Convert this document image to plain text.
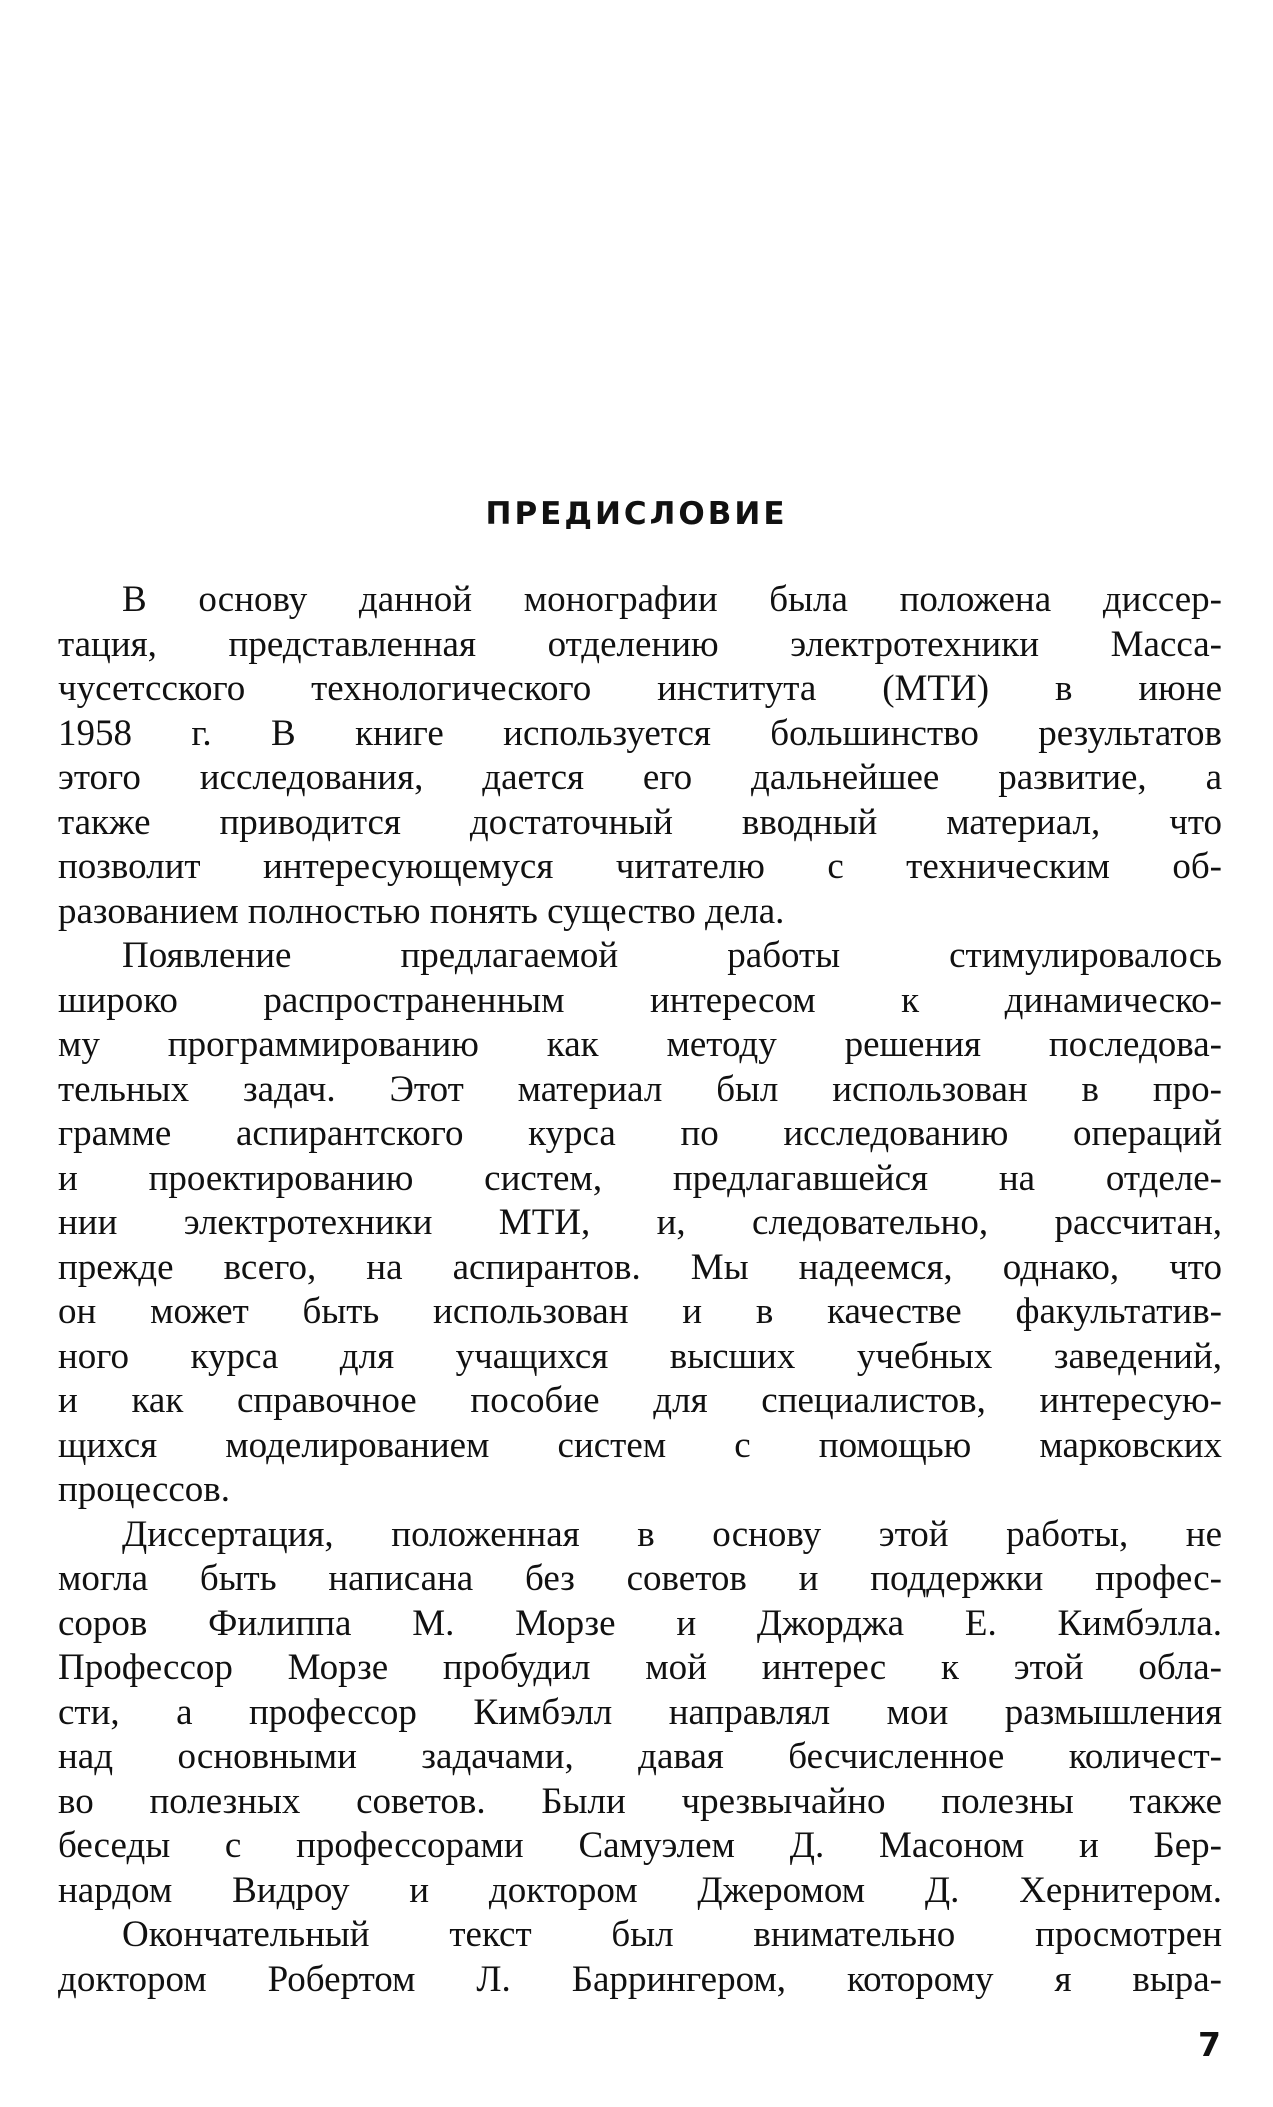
ПРЕДИСЛОВИЕ
В основу данной монографии была положена диссер-
тация, представленная отделению электротехники Масса-
чусетсского технологического института (МТИ) в июне
1958 г. В книге используется большинство результатов
этого исследования, дается его дальнейшее развитие, а
также приводится достаточный вводный материал, что
позволит интересующемуся читателю с техническим об-
разованием полностью понять существо дела.
Появление предлагаемой работы стимулировалось
широко распространенным интересом к динамическо-
му программированию как методу решения последова-
тельных задач. Этот материал был использован в про-
грамме аспирантского курса по исследованию операций
и проектированию систем, предлагавшейся на отделе-
нии электротехники МТИ, и, следовательно, рассчитан,
прежде всего, на аспирантов. Мы надеемся, однако, что
он может быть использован и в качестве факультатив-
ного курса для учащихся высших учебных заведений,
и как справочное пособие для специалистов, интересую-
щихся моделированием систем с помощью марковских
процессов.
Диссертация, положенная в основу этой работы, не
могла быть написана без советов и поддержки профес-
соров Филиппа М. Морзе и Джорджа Е. Кимбэлла.
Профессор Морзе пробудил мой интерес к этой обла-
сти, а профессор Кимбэлл направлял мои размышления
над основными задачами, давая бесчисленное количест-
во полезных советов. Были чрезвычайно полезны также
беседы с профессорами Самуэлем Д. Масоном и Бер-
нардом Видроу и доктором Джеромом Д. Хернитером.
Окончательный текст был внимательно просмотрен
доктором Робертом Л. Баррингером, которому я выра-
7
